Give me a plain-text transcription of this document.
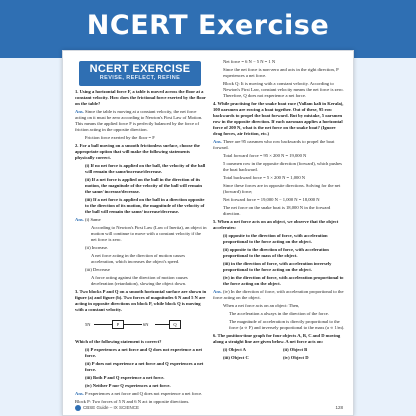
NCERT Exercise
NCERT EXERCISE
REVISE, REFLECT, REFINE
1. Using a horizontal force F, a table is moved across the floor at a constant velocity. How does the frictional force exerted by the floor on the table?
Ans. Since the table is moving at a constant velocity, the net force acting on it must be zero according to Newton's First Law of Motion. This means the applied force F is perfectly balanced by the force of friction acting in the opposite direction.
Friction force exerted by the floor = F
2. For a ball moving on a smooth frictionless surface, choose the appropriate option that will make the following statements physically correct.
(i) If no net force is applied on the ball, the velocity of the ball will remain the same/increase/decrease.
(ii) If a net force is applied on the ball in the direction of its motion, the magnitude of the velocity of the ball will remain the same/ increase/decrease.
(iii) If a net force is applied on the ball in a direction opposite to the direction of its motion, the magnitude of the velocity of the ball will remain the same/ increase/decrease.
Ans. (i) Same
According to Newton's First Law (Law of Inertia), an object in motion will continue to move with a constant velocity if the net force is zero.
(ii) Increase.
A net force acting in the direction of motion causes acceleration, which increases the object's speed.
(iii) Decrease
A force acting against the direction of motion causes deceleration (retardation), slowing the object down.
3. Two blocks P and Q on a smooth horizontal surface are shown in figure (a) and figure (b). Two forces of magnitudes 6 N and 5 N are acting in opposite directions on block P, while block Q is moving with a constant velocity.
5N	P	6N	Q
Which of the following statement is correct?
(i) P experiences a net force and Q does not experience a net force.
(ii) P does not experience a net force and Q experiences a net force.
(iii) Both P and Q experience a net force.
(iv) Neither P nor Q experiences a net force.
Ans. P experiences a net force and Q does not experience a net force.
Block P: Two forces of 5 N and 6 N act in opposite directions.
Net force = 6 N − 5 N = 1 N
Since the net force is non-zero and acts in the right direction, P experiences a net force.
Block Q: It is moving with a constant velocity. According to Newton's First Law, constant velocity means the net force is zero. Therefore, Q does not experience a net force.
4. While practising for the snake boat race (Vallam kali in Kerala), 100 oarsmen are rowing a boat together. Out of these, 95 row backwards to propel the boat forward. But by mistake, 5 oarsmen row in the opposite direction. If each oarsman applies a horizontal force of 200 N, what is the net force on the snake boat? (Ignore drag forces, air friction, etc.)
Ans. There are 95 oarsmen who row backwards to propel the boat forward.
Total forward force = 95 × 200 N = 19,000 N
5 oarsmen row in the opposite direction (forward), which pushes the boat backward.
Total backward force = 5 × 200 N = 1,000 N
Since these forces are in opposite directions. Solving for the net (forward) force;
Net forward force = 19,000 N − 1,000 N = 18,000 N
The net force on the snake boat is 18,000 N in the forward direction.
5. When a net force acts on an object, we observe that the object accelerates:
(i) opposite to the direction of force, with acceleration proportional to the force acting on the object.
(ii) opposite to the direction of force, with acceleration proportional to the mass of the object.
(iii) in the direction of force, with acceleration inversely proportional to the force acting on the object.
(iv) in the direction of force, with acceleration proportional to the force acting on the object.
Ans. (iv) In the direction of force, with acceleration proportional to the force acting on the object.
When a net force acts on an object: Then,
The acceleration a always in the direction of the force.
The magnitude of acceleration is directly proportional to the force (a ∝ F) and inversely proportional to the mass (a ∝ 1/m).
6. The position-time graph for four objects A, B, C and D moving along a straight line are given below. A net force acts on:
(i) Object A	(ii) Object B
(iii) Object C	(iv) Object D
CBSE Guide – IX SCIENCE	128
